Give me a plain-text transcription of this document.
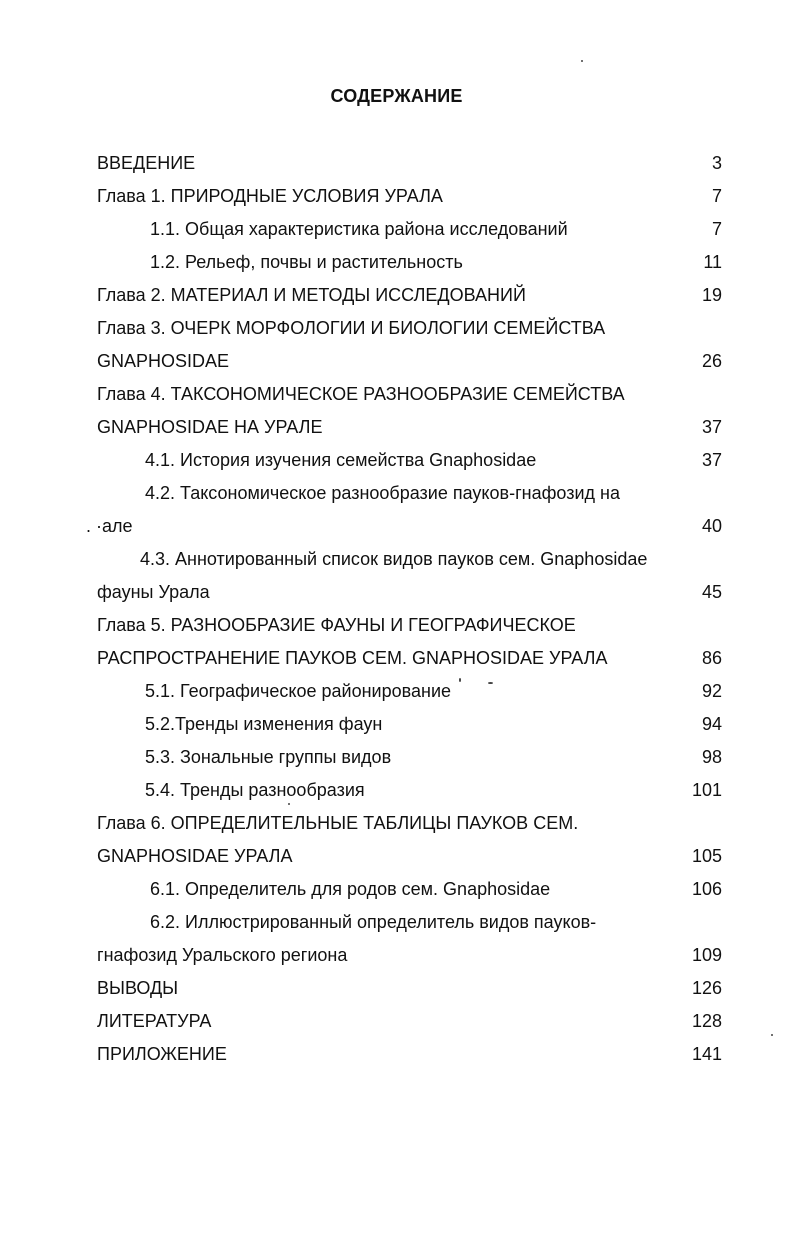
СОДЕРЖАНИЕ
ВВЕДЕНИЕ	3
Глава 1. ПРИРОДНЫЕ УСЛОВИЯ УРАЛА	7
1.1. Общая характеристика района исследований	7
1.2. Рельеф, почвы и растительность	11
Глава 2. МАТЕРИАЛ И МЕТОДЫ ИССЛЕДОВАНИЙ	19
Глава 3. ОЧЕРК МОРФОЛОГИИ И БИОЛОГИИ СЕМЕЙСТВА
GNAPHOSIDAE	26
Глава 4. ТАКСОНОМИЧЕСКОЕ РАЗНООБРАЗИЕ СЕМЕЙСТВА
GNAPHOSIDAE НА УРАЛЕ	37
4.1. История изучения семейства Gnaphosidae	37
4.2. Таксономическое разнообразие пауков-гнафозид на
. ·але	40
4.3. Аннотированный список видов пауков сем. Gnaphosidae
фауны Урала	45
Глава 5. РАЗНООБРАЗИЕ ФАУНЫ И ГЕОГРАФИЧЕСКОЕ
РАСПРОСТРАНЕНИЕ ПАУКОВ СЕМ. GNAPHOSIDAE УРАЛА	86
5.1. Географическое районирование	92
5.2.Тренды изменения фаун	94
5.3. Зональные группы видов	98
5.4. Тренды разнообразия	101
Глава 6. ОПРЕДЕЛИТЕЛЬНЫЕ ТАБЛИЦЫ ПАУКОВ СЕМ.
GNAPHOSIDAE УРАЛА	105
6.1. Определитель для родов сем. Gnaphosidae	106
6.2. Иллюстрированный определитель видов пауков-
гнафозид Уральского региона	109
ВЫВОДЫ	126
ЛИТЕРАТУРА	128
ПРИЛОЖЕНИЕ	141
